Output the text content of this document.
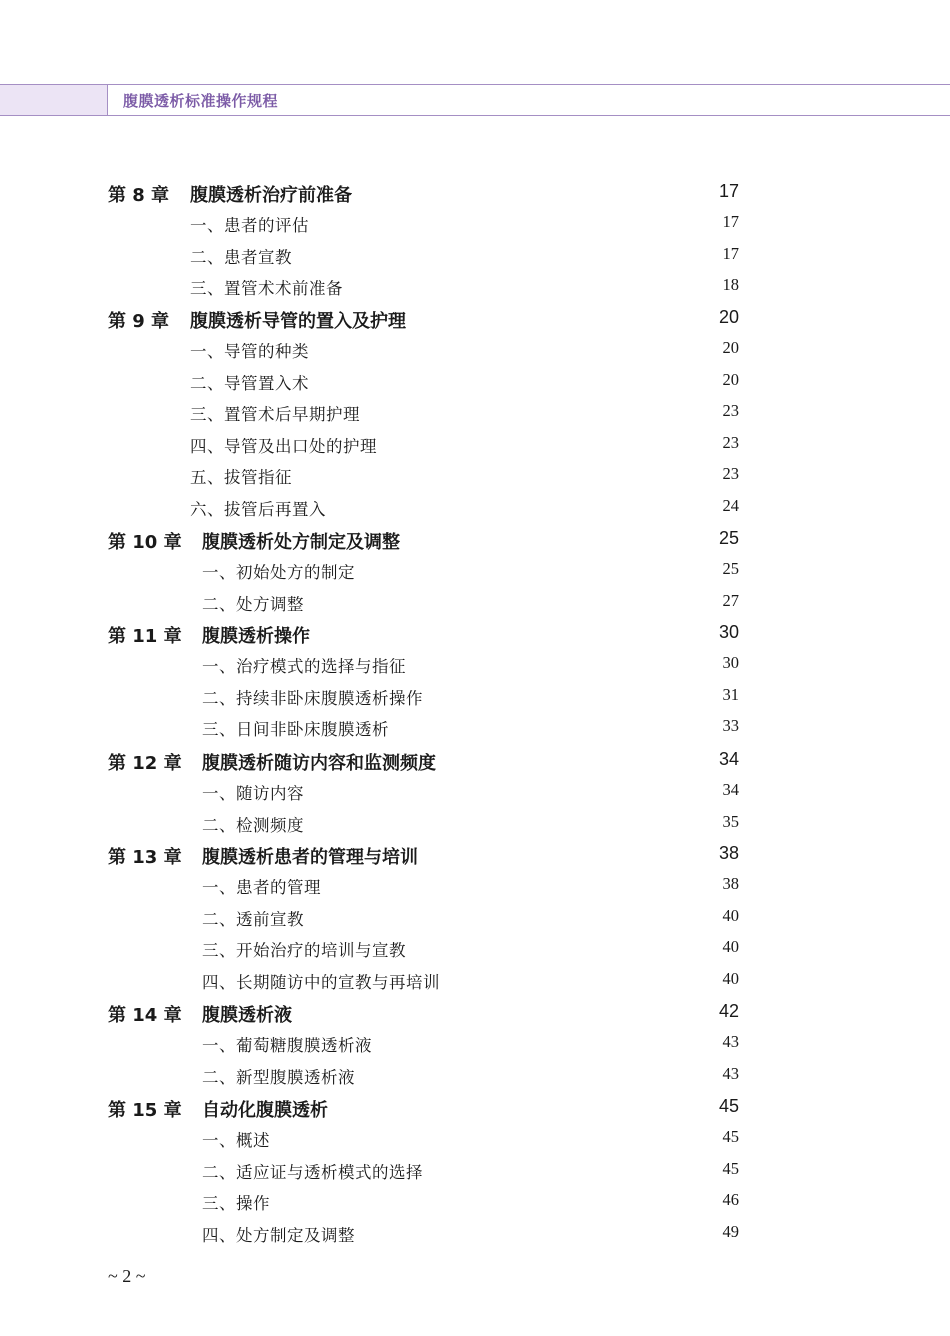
腹膜透析标准操作规程
第 8 章 腹膜透析治疗前准备	17
一、患者的评估	17
二、患者宣教	17
三、置管术术前准备	18
第 9 章 腹膜透析导管的置入及护理	20
一、导管的种类	20
二、导管置入术	20
三、置管术后早期护理	23
四、导管及出口处的护理	23
五、拔管指征	23
六、拔管后再置入	24
第 10 章 腹膜透析处方制定及调整	25
一、初始处方的制定	25
二、处方调整	27
第 11 章 腹膜透析操作	30
一、治疗模式的选择与指征	30
二、持续非卧床腹膜透析操作	31
三、日间非卧床腹膜透析	33
第 12 章 腹膜透析随访内容和监测频度	34
一、随访内容	34
二、检测频度	35
第 13 章 腹膜透析患者的管理与培训	38
一、患者的管理	38
二、透前宣教	40
三、开始治疗的培训与宣教	40
四、长期随访中的宣教与再培训	40
第 14 章 腹膜透析液	42
一、葡萄糖腹膜透析液	43
二、新型腹膜透析液	43
第 15 章 自动化腹膜透析	45
一、概述	45
二、适应证与透析模式的选择	45
三、操作	46
四、处方制定及调整	49
~ 2 ~
